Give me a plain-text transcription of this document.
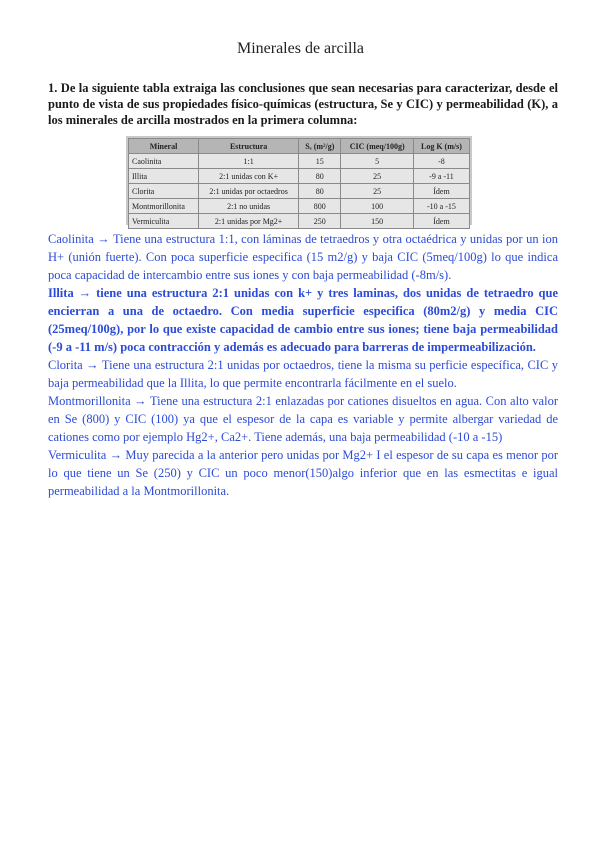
Minerales de arcilla
1. De la siguiente tabla extraiga las conclusiones que sean necesarias para caracterizar, desde el punto de vista de sus propiedades físico-químicas (estructura, Se y CIC) y permeabilidad (K), a los minerales de arcilla mostrados en la primera columna:
Mineral	Estructura	Sₑ (m²/g)	CIC (meq/100g)	Log K (m/s)
Caolinita	1:1	15	5	-8
Illita	2:1 unidas con K+	80	25	-9 a -11
Clorita	2:1 unidas por octaedros	80	25	Ídem
Montmorillonita	2:1 no unidas	800	100	-10 a -15
Vermiculita	2:1 unidas por Mg2+	250	150	Ídem

Caolinita → Tiene una estructura 1:1, con láminas de tetraedros y otra octaédrica y unidas por un ion H+ (unión fuerte). Con poca superficie especifica (15 m2/g) y baja CIC (5meq/100g) lo que indica poca capacidad de intercambio entre sus iones y con baja permeabilidad (-8m/s).

Illita → tiene una estructura 2:1 unidas con k+ y tres laminas, dos unidas de tetraedro que encierran a una de octaedro. Con media superficie especifica (80m2/g) y media CIC (25meq/100g), por lo que existe capacidad de cambio entre sus iones; tiene baja permeabilidad (-9 a -11 m/s) poca contracción y además es adecuado para barreras de impermeabilización.

Clorita → Tiene una estructura 2:1 unidas por octaedros, tiene la misma su perficie específica, CIC y baja permeabilidad que la Illita, lo que permite encontrarla fácilmente en el suelo.

Montmorillonita → Tiene una estructura 2:1 enlazadas por cationes disueltos en agua. Con alto valor en Se (800) y CIC (100) ya que el espesor de la capa es variable y permite albergar variedad de cationes como por ejemplo Hg2+, Ca2+. Tiene además, una baja permeabilidad (-10 a -15)

Vermiculita → Muy parecida a la anterior pero unidas por Mg2+ I el espesor de su capa es menor por lo que tiene un Se (250) y CIC un poco menor(150)algo inferior que en las esmectitas e igual permeabilidad a la Montmorillonita.
